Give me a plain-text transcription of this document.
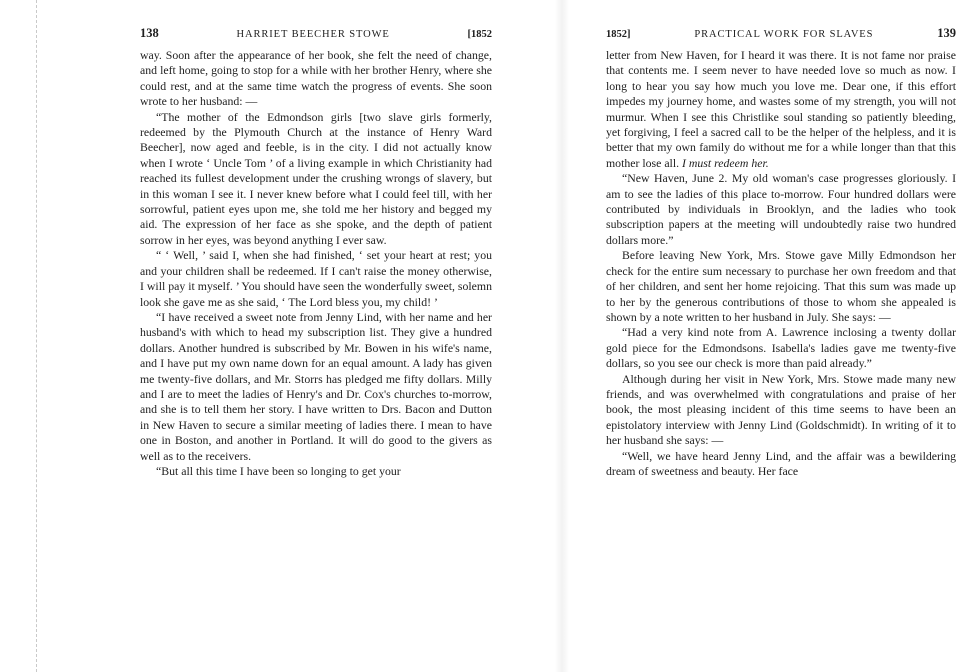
138	HARRIET BEECHER STOWE	[1852

way. Soon after the appearance of her book, she felt the need of change, and left home, going to stop for a while with her brother Henry, where she could rest, and at the same time watch the progress of events. She soon wrote to her husband: —

“The mother of the Edmondson girls [two slave girls formerly, redeemed by the Plymouth Church at the instance of Henry Ward Beecher], now aged and feeble, is in the city. I did not actually know when I wrote ‘ Uncle Tom ’ of a living example in which Christianity had reached its fullest development under the crushing wrongs of slavery, but in this woman I see it. I never knew before what I could feel till, with her sorrowful, patient eyes upon me, she told me her history and begged my aid. The expression of her face as she spoke, and the depth of patient sorrow in her eyes, was beyond anything I ever saw.

“ ‘ Well, ’ said I, when she had finished, ‘ set your heart at rest; you and your children shall be redeemed. If I can't raise the money otherwise, I will pay it myself. ’ You should have seen the wonderfully sweet, solemn look she gave me as she said, ‘ The Lord bless you, my child! ’

“I have received a sweet note from Jenny Lind, with her name and her husband's with which to head my subscription list. They give a hundred dollars. Another hundred is subscribed by Mr. Bowen in his wife's name, and I have put my own name down for an equal amount. A lady has given me twenty-five dollars, and Mr. Storrs has pledged me fifty dollars. Milly and I are to meet the ladies of Henry's and Dr. Cox's churches to-morrow, and she is to tell them her story. I have written to Drs. Bacon and Dutton in New Haven to secure a similar meeting of ladies there. I mean to have one in Boston, and another in Portland. It will do good to the givers as well as to the receivers.

“But all this time I have been so longing to get your

1852]	PRACTICAL WORK FOR SLAVES	139

letter from New Haven, for I heard it was there. It is not fame nor praise that contents me. I seem never to have needed love so much as now. I long to hear you say how much you love me. Dear one, if this effort impedes my journey home, and wastes some of my strength, you will not murmur. When I see this Christlike soul standing so patiently bleeding, yet forgiving, I feel a sacred call to be the helper of the helpless, and it is better that my own family do without me for a while longer than that this mother lose all. I must redeem her.

“New Haven, June 2. My old woman's case progresses gloriously. I am to see the ladies of this place to-morrow. Four hundred dollars were contributed by individuals in Brooklyn, and the ladies who took subscription papers at the meeting will undoubtedly raise two hundred dollars more.”

Before leaving New York, Mrs. Stowe gave Milly Edmondson her check for the entire sum necessary to purchase her own freedom and that of her children, and sent her home rejoicing. That this sum was made up to her by the generous contributions of those to whom she appealed is shown by a note written to her husband in July. She says: —

“Had a very kind note from A. Lawrence inclosing a twenty dollar gold piece for the Edmondsons. Isabella's ladies gave me twenty-five dollars, so you see our check is more than paid already.”

Although during her visit in New York, Mrs. Stowe made many new friends, and was overwhelmed with congratulations and praise of her book, the most pleasing incident of this time seems to have been an epistolatory interview with Jenny Lind (Goldschmidt). In writing of it to her husband she says: —

“Well, we have heard Jenny Lind, and the affair was a bewildering dream of sweetness and beauty. Her face
